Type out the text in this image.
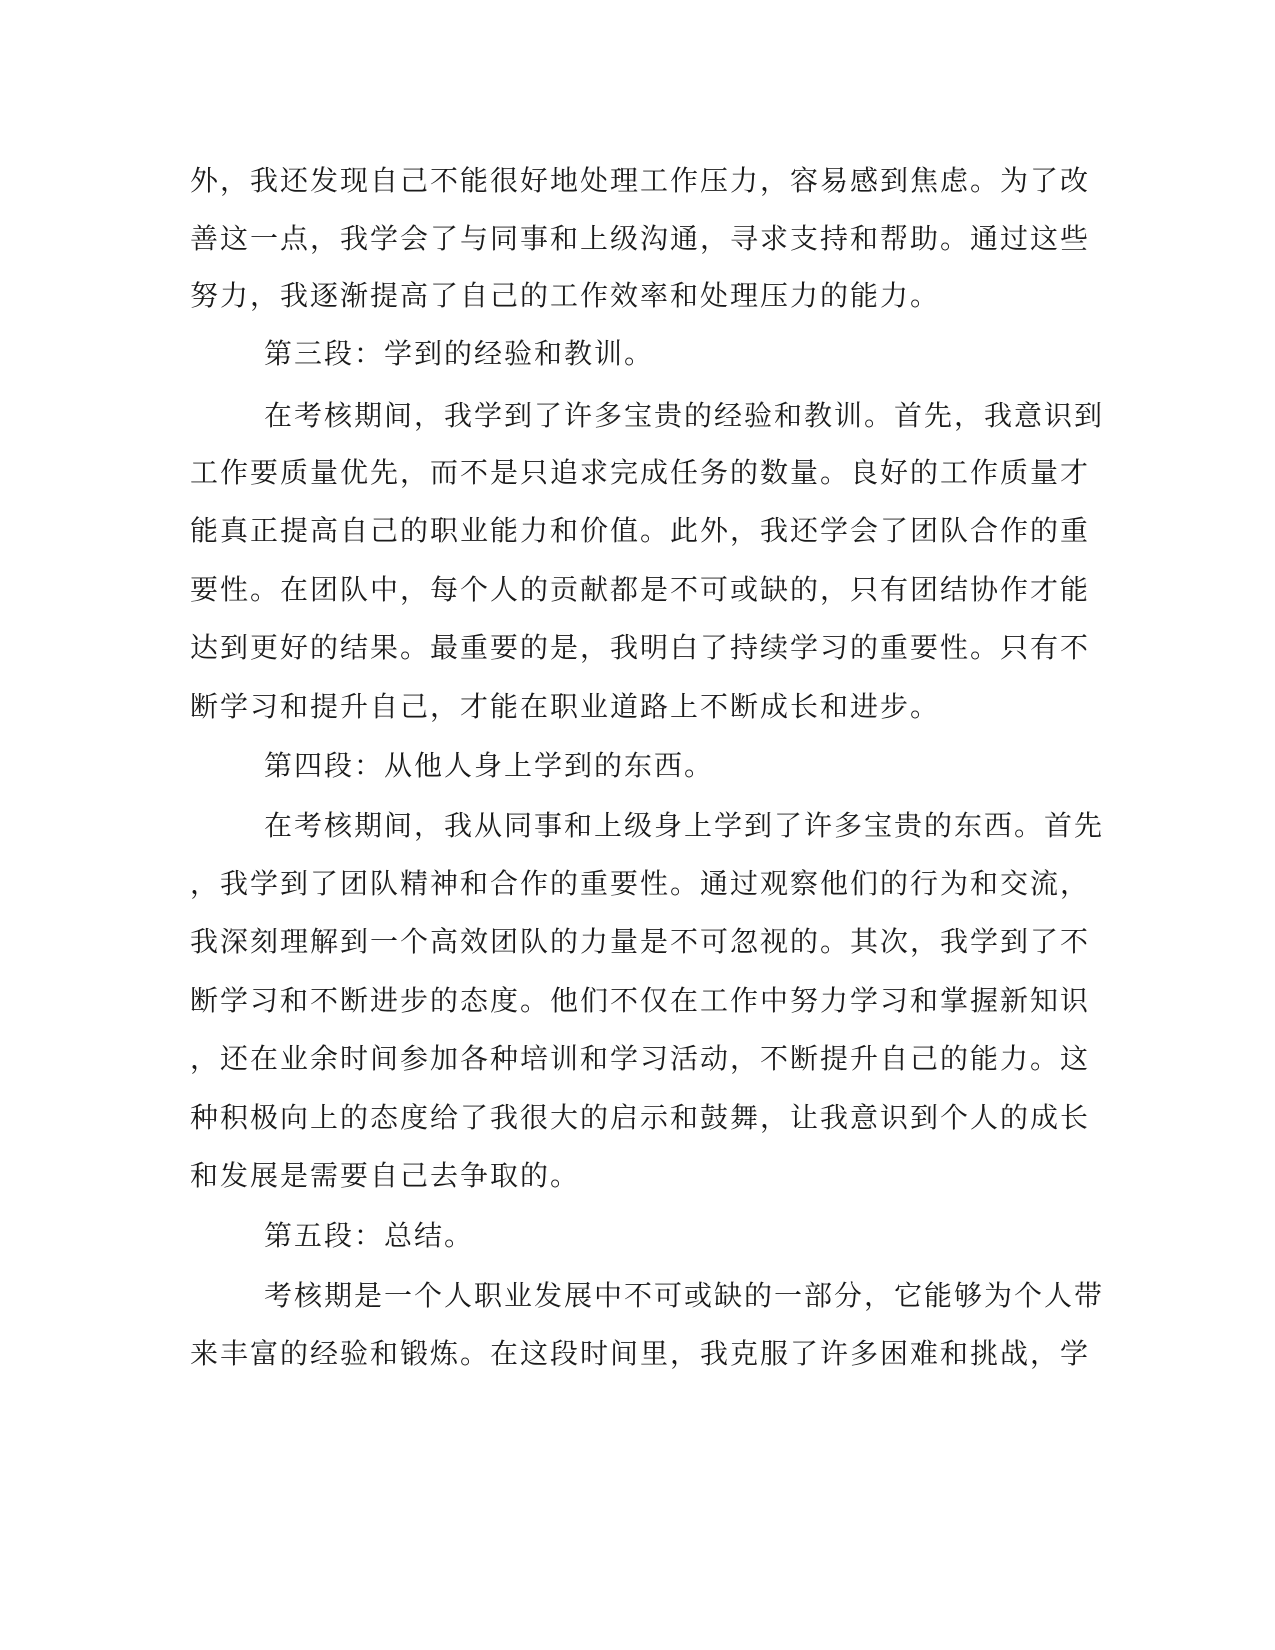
外，我还发现自己不能很好地处理工作压力，容易感到焦虑。为了改
善这一点，我学会了与同事和上级沟通，寻求支持和帮助。通过这些
努力，我逐渐提高了自己的工作效率和处理压力的能力。
第三段：学到的经验和教训。
在考核期间，我学到了许多宝贵的经验和教训。首先，我意识到
工作要质量优先，而不是只追求完成任务的数量。良好的工作质量才
能真正提高自己的职业能力和价值。此外，我还学会了团队合作的重
要性。在团队中，每个人的贡献都是不可或缺的，只有团结协作才能
达到更好的结果。最重要的是，我明白了持续学习的重要性。只有不
断学习和提升自己，才能在职业道路上不断成长和进步。
第四段：从他人身上学到的东西。
在考核期间，我从同事和上级身上学到了许多宝贵的东西。首先
，我学到了团队精神和合作的重要性。通过观察他们的行为和交流，
我深刻理解到一个高效团队的力量是不可忽视的。其次，我学到了不
断学习和不断进步的态度。他们不仅在工作中努力学习和掌握新知识
，还在业余时间参加各种培训和学习活动，不断提升自己的能力。这
种积极向上的态度给了我很大的启示和鼓舞，让我意识到个人的成长
和发展是需要自己去争取的。
第五段：总结。
考核期是一个人职业发展中不可或缺的一部分，它能够为个人带
来丰富的经验和锻炼。在这段时间里，我克服了许多困难和挑战，学
